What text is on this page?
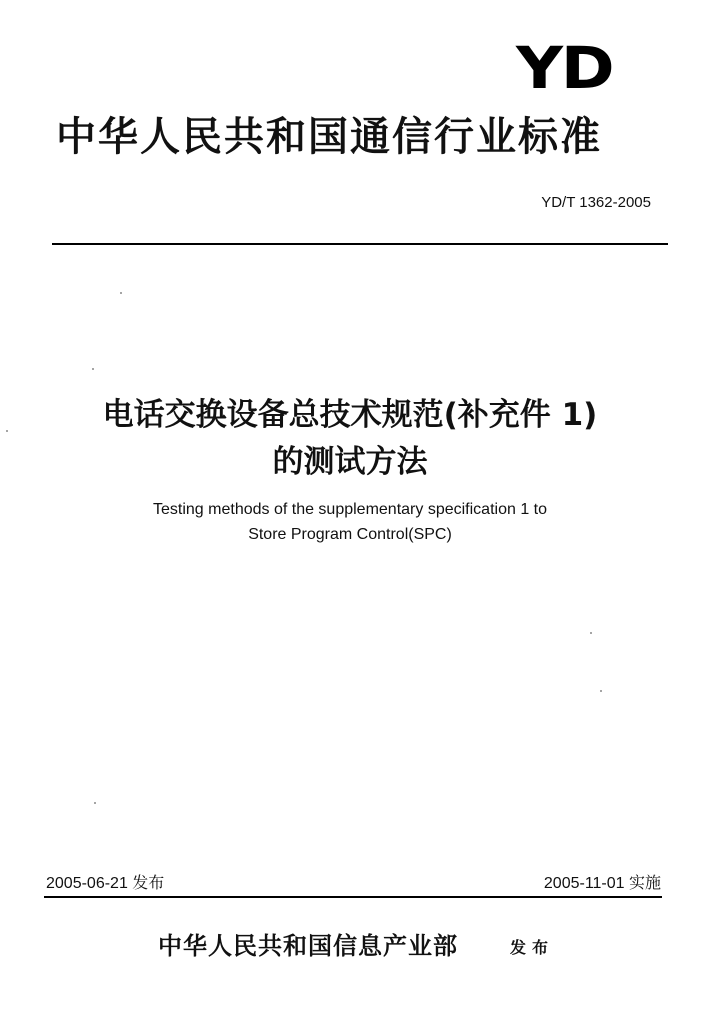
YD
中华人民共和国通信行业标准
YD/T 1362-2005
电话交换设备总技术规范(补充件 1)
的测试方法
Testing methods of the supplementary specification 1 to
Store Program Control(SPC)
2005-06-21 发布	2005-11-01 实施
中华人民共和国信息产业部	发布
